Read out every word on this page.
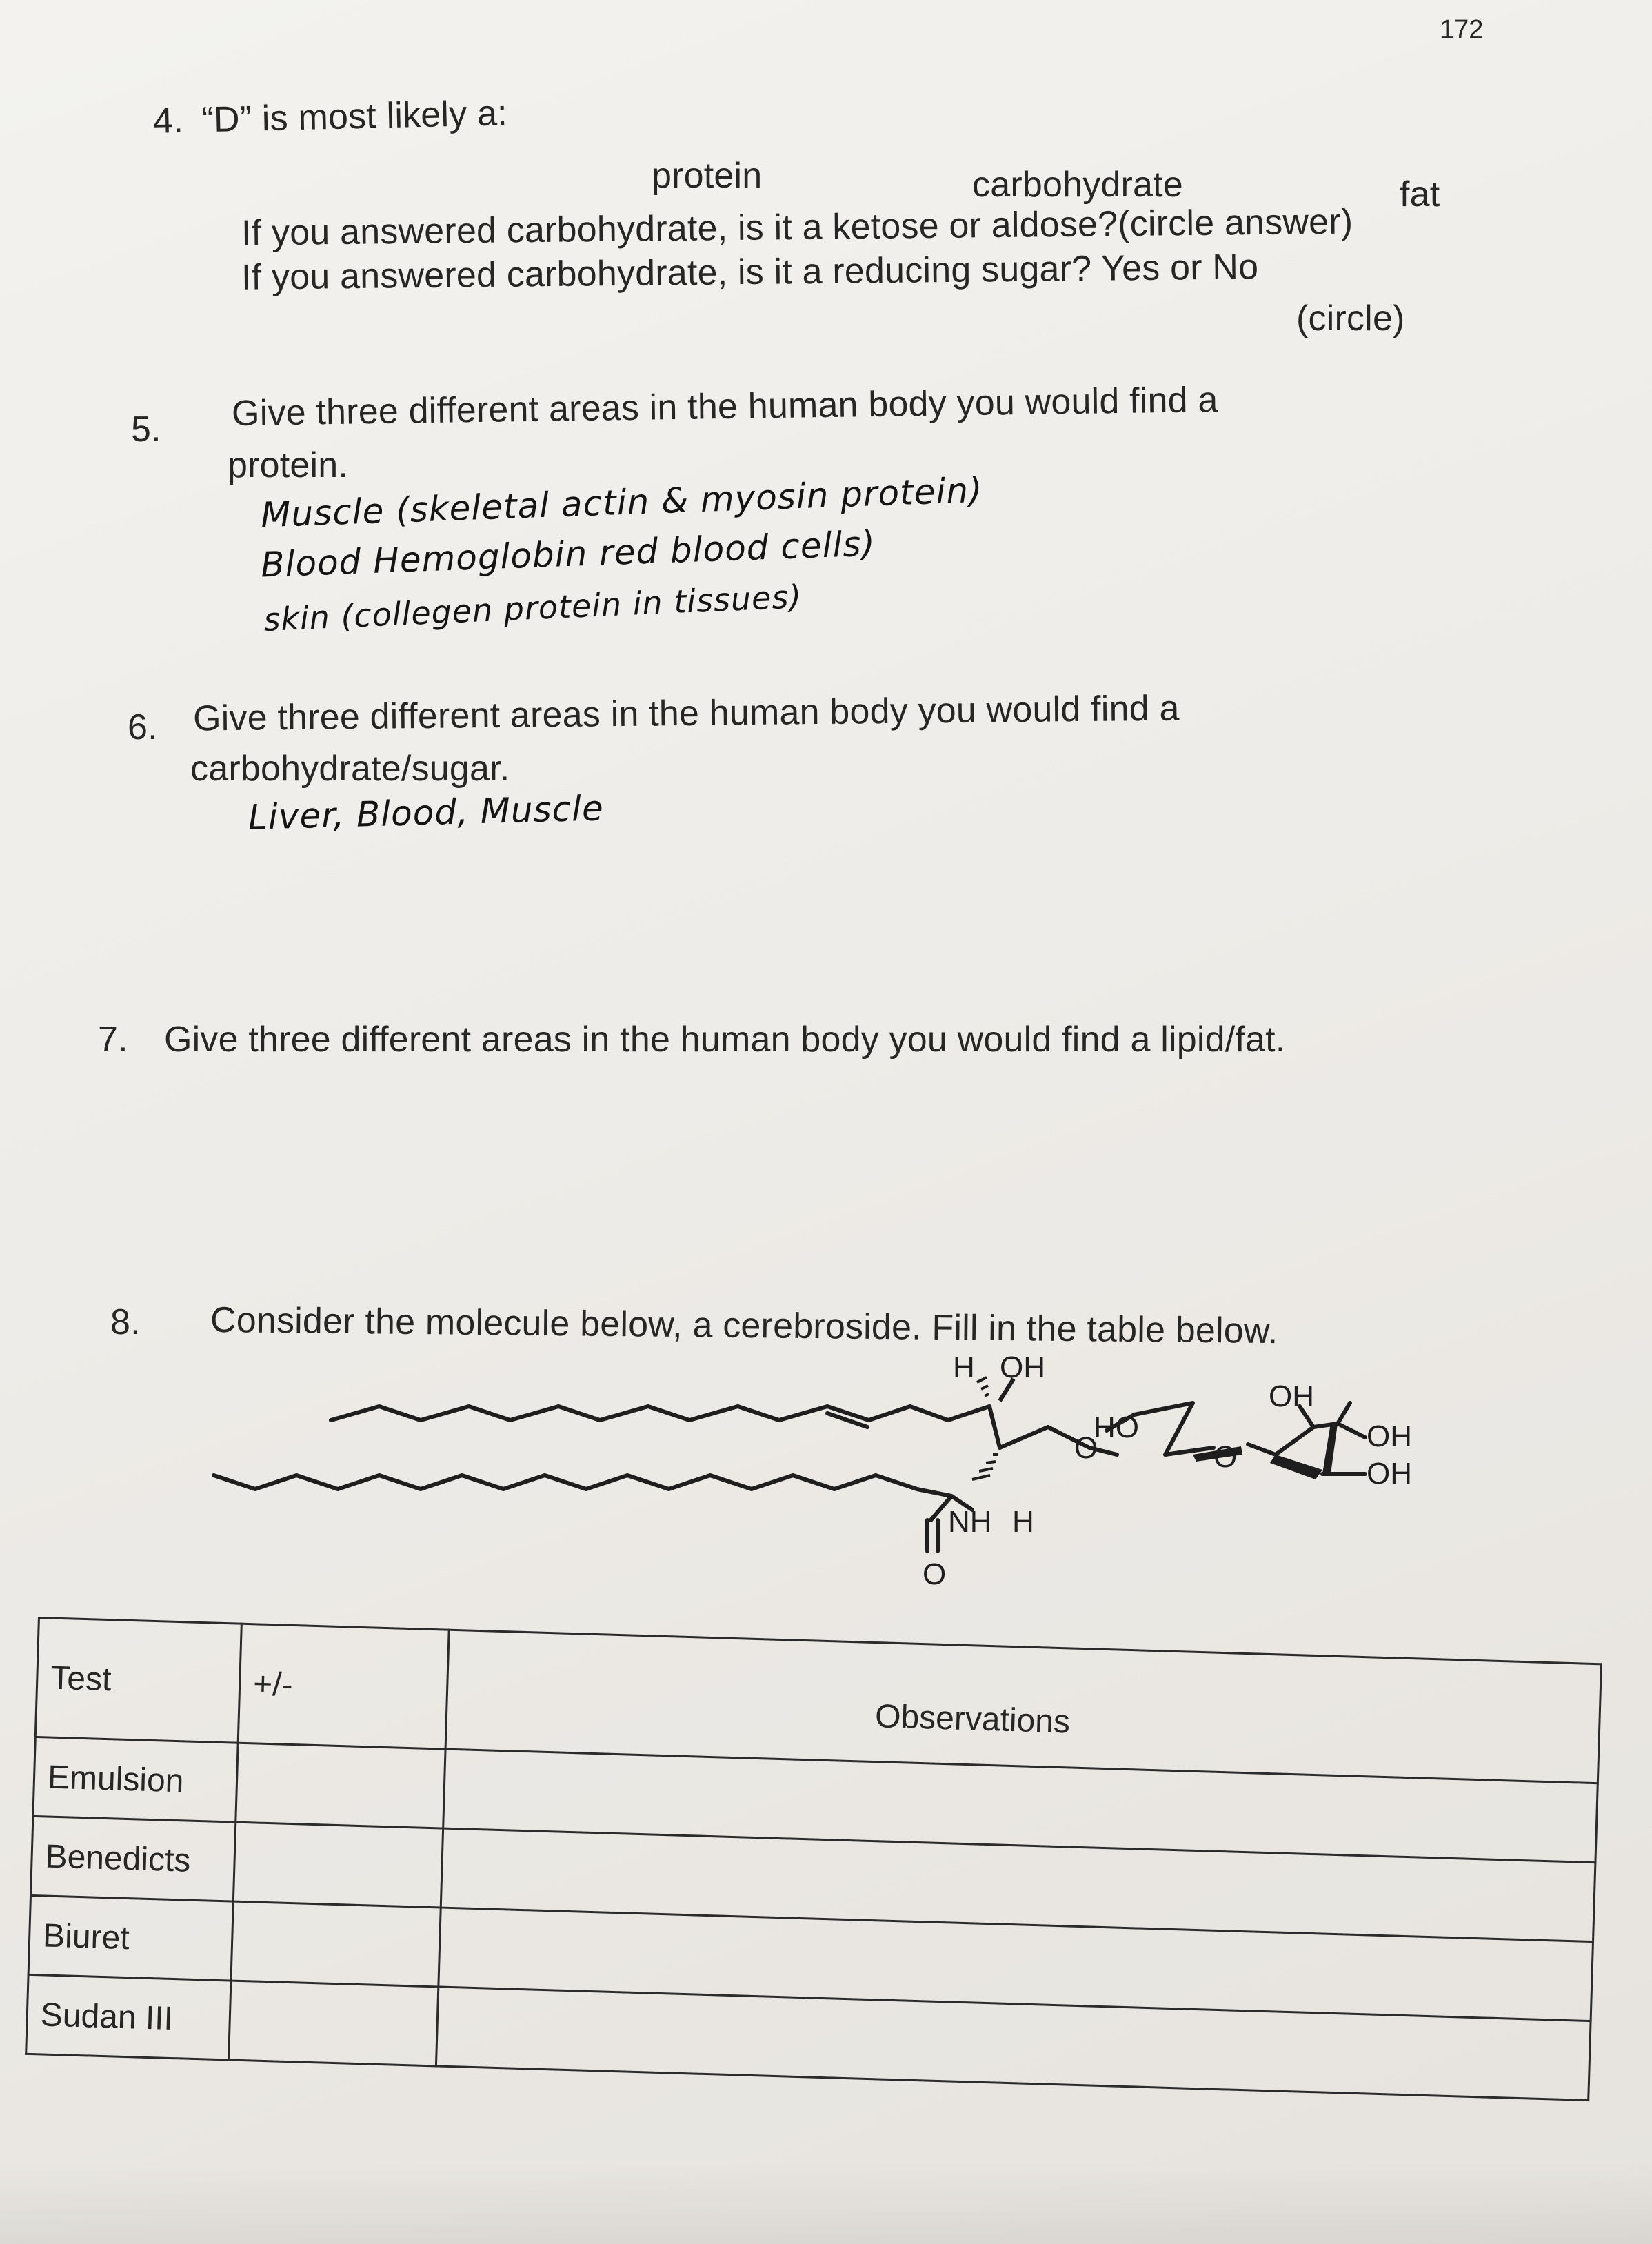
172
4. “D” is most likely a:
protein	carbohydrate	fat
If you answered carbohydrate, is it a ketose or aldose?(circle answer)
If you answered carbohydrate, is it a reducing sugar? Yes or No
(circle)
5. Give three different areas in the human body you would find a
protein.
Muscle (skeletal actin & myosin protein)
Blood Hemoglobin red blood cells)
skin (collegen protein in tissues)
6. Give three different areas in the human body you would find a
carbohydrate/sugar.
Liver, Blood, Muscle
7. Give three different areas in the human body you would find a lipid/fat.
8. Consider the molecule below, a cerebroside. Fill in the table below.
H OH
NH H
O
HO
O	O
OH
OH
OH
Test	+/-	Observations
Emulsion		
Benedicts		
Biuret		
Sudan III		
